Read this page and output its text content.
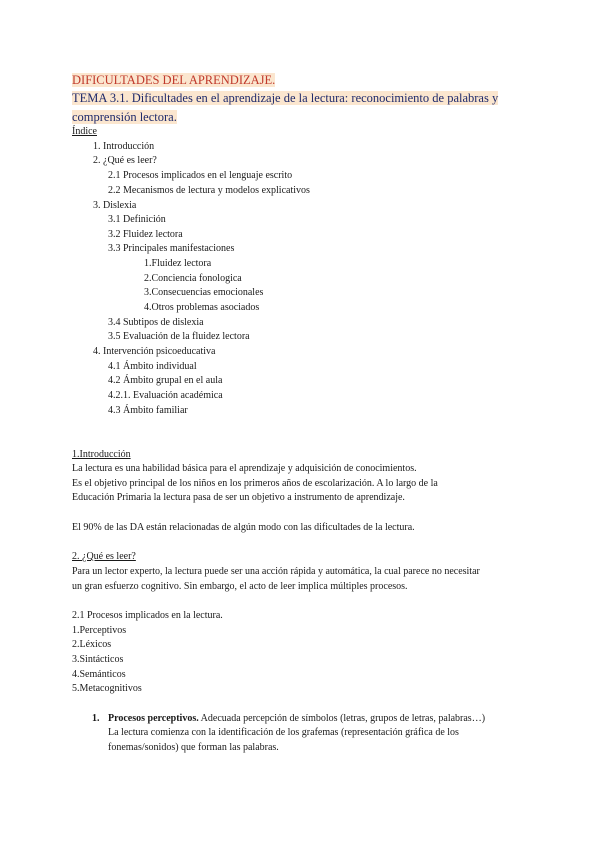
DIFICULTADES DEL APRENDIZAJE.
TEMA 3.1. Dificultades en el aprendizaje de la lectura: reconocimiento de palabras y comprensión lectora.
Índice
1. Introducción
2. ¿Qué es leer?
2.1 Procesos implicados en el lenguaje escrito
2.2 Mecanismos de lectura y modelos explicativos
3. Dislexia
3.1 Definición
3.2 Fluidez lectora
3.3 Principales manifestaciones
1.Fluidez lectora
2.Conciencia fonologica
3.Consecuencias emocionales
4.Otros problemas asociados
3.4 Subtipos de dislexia
3.5 Evaluación de la fluidez lectora
4. Intervención psicoeducativa
4.1 Ámbito individual
4.2 Ámbito grupal en el aula
4.2.1. Evaluación académica
4.3 Ámbito familiar
1.Introducción
La lectura es una habilidad básica para el aprendizaje y adquisición de conocimientos.
Es el objetivo principal de los niños en los primeros años de escolarización. A lo largo de la
Educación Primaria la lectura pasa de ser un objetivo a instrumento de aprendizaje.
El 90% de las DA están relacionadas de algún modo con las dificultades de la lectura.
2. ¿Qué es leer?
Para un lector experto, la lectura puede ser una acción rápida y automática, la cual parece no necesitar
un gran esfuerzo cognitivo. Sin embargo, el acto de leer implica múltiples procesos.
2.1 Procesos implicados en la lectura.
1.Perceptivos
2.Léxicos
3.Sintácticos
4.Semánticos
5.Metacognitivos
1. Procesos perceptivos. Adecuada percepción de símbolos (letras, grupos de letras, palabras…)
La lectura comienza con la identificación de los grafemas (representación gráfica de los
fonemas/sonidos) que forman las palabras.
